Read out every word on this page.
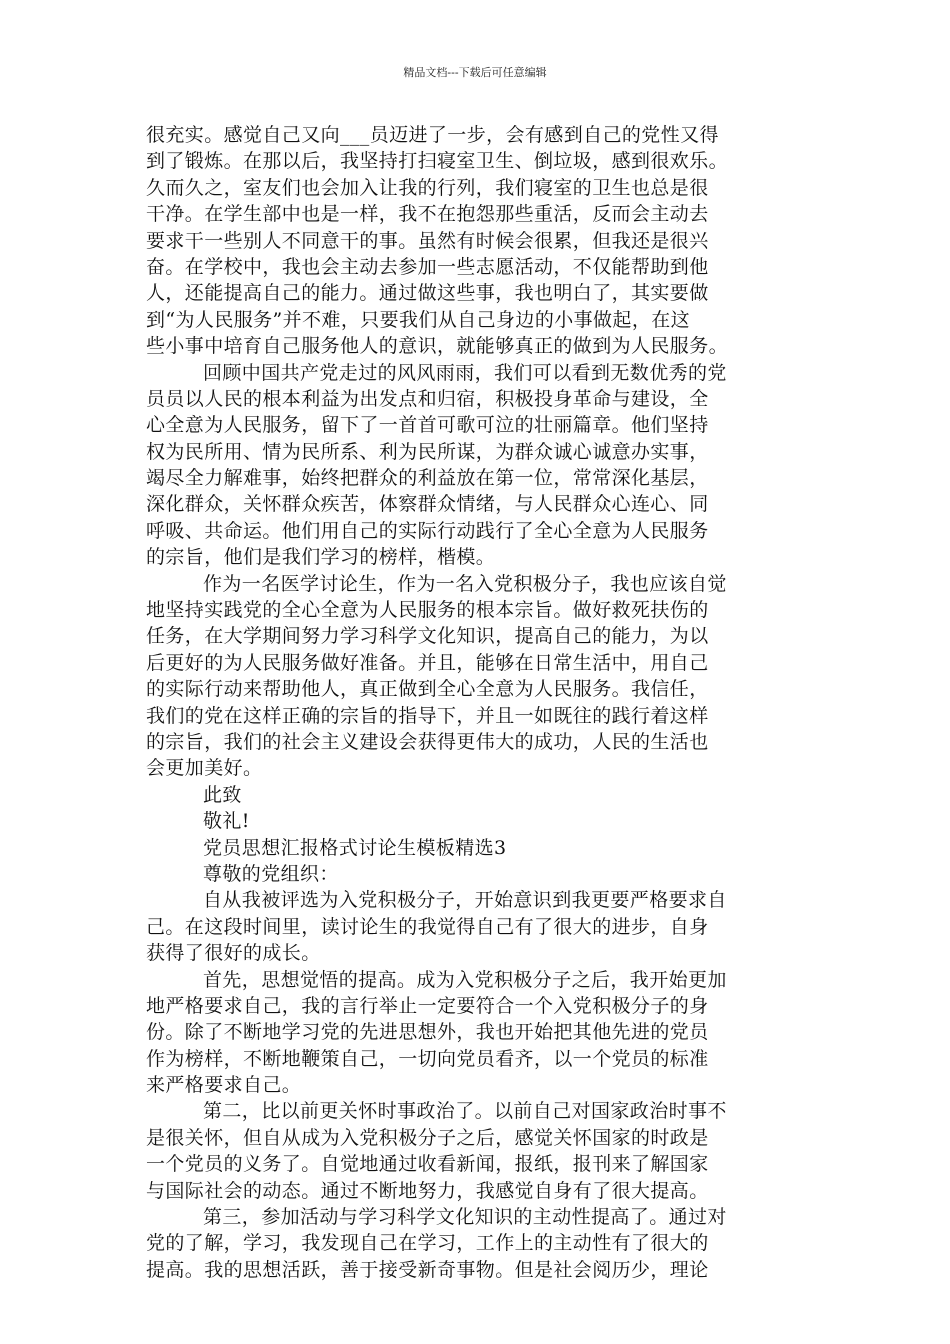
精品文档---下载后可任意编辑
很充实。感觉自己又向___员迈进了一步，会有感到自己的党性又得
到了锻炼。在那以后，我坚持打扫寝室卫生、倒垃圾，感到很欢乐。
久而久之，室友们也会加入让我的行列，我们寝室的卫生也总是很
干净。在学生部中也是一样，我不在抱怨那些重活，反而会主动去
要求干一些别人不同意干的事。虽然有时候会很累，但我还是很兴
奋。在学校中，我也会主动去参加一些志愿活动，不仅能帮助到他
人，还能提高自己的能力。通过做这些事，我也明白了，其实要做
到“为人民服务”并不难，只要我们从自己身边的小事做起，在这
些小事中培育自己服务他人的意识，就能够真正的做到为人民服务。
回顾中国共产党走过的风风雨雨，我们可以看到无数优秀的党
员员以人民的根本利益为出发点和归宿，积极投身革命与建设，全
心全意为人民服务，留下了一首首可歌可泣的壮丽篇章。他们坚持
权为民所用、情为民所系、利为民所谋，为群众诚心诚意办实事，
竭尽全力解难事，始终把群众的利益放在第一位，常常深化基层，
深化群众，关怀群众疾苦，体察群众情绪，与人民群众心连心、同
呼吸、共命运。他们用自己的实际行动践行了全心全意为人民服务
的宗旨，他们是我们学习的榜样，楷模。
作为一名医学讨论生，作为一名入党积极分子，我也应该自觉
地坚持实践党的全心全意为人民服务的根本宗旨。做好救死扶伤的
任务，在大学期间努力学习科学文化知识，提高自己的能力，为以
后更好的为人民服务做好准备。并且，能够在日常生活中，用自己
的实际行动来帮助他人，真正做到全心全意为人民服务。我信任，
我们的党在这样正确的宗旨的指导下，并且一如既往的践行着这样
的宗旨，我们的社会主义建设会获得更伟大的成功，人民的生活也
会更加美好。
此致
敬礼!
党员思想汇报格式讨论生模板精选3
尊敬的党组织：
自从我被评选为入党积极分子，开始意识到我更要严格要求自
己。在这段时间里，读讨论生的我觉得自己有了很大的进步，自身
获得了很好的成长。
首先，思想觉悟的提高。成为入党积极分子之后，我开始更加
地严格要求自己，我的言行举止一定要符合一个入党积极分子的身
份。除了不断地学习党的先进思想外，我也开始把其他先进的党员
作为榜样，不断地鞭策自己，一切向党员看齐，以一个党员的标准
来严格要求自己。
第二，比以前更关怀时事政治了。以前自己对国家政治时事不
是很关怀，但自从成为入党积极分子之后，感觉关怀国家的时政是
一个党员的义务了。自觉地通过收看新闻，报纸，报刊来了解国家
与国际社会的动态。通过不断地努力，我感觉自身有了很大提高。
第三，参加活动与学习科学文化知识的主动性提高了。通过对
党的了解，学习，我发现自己在学习，工作上的主动性有了很大的
提高。我的思想活跃，善于接受新奇事物。但是社会阅历少，理论
